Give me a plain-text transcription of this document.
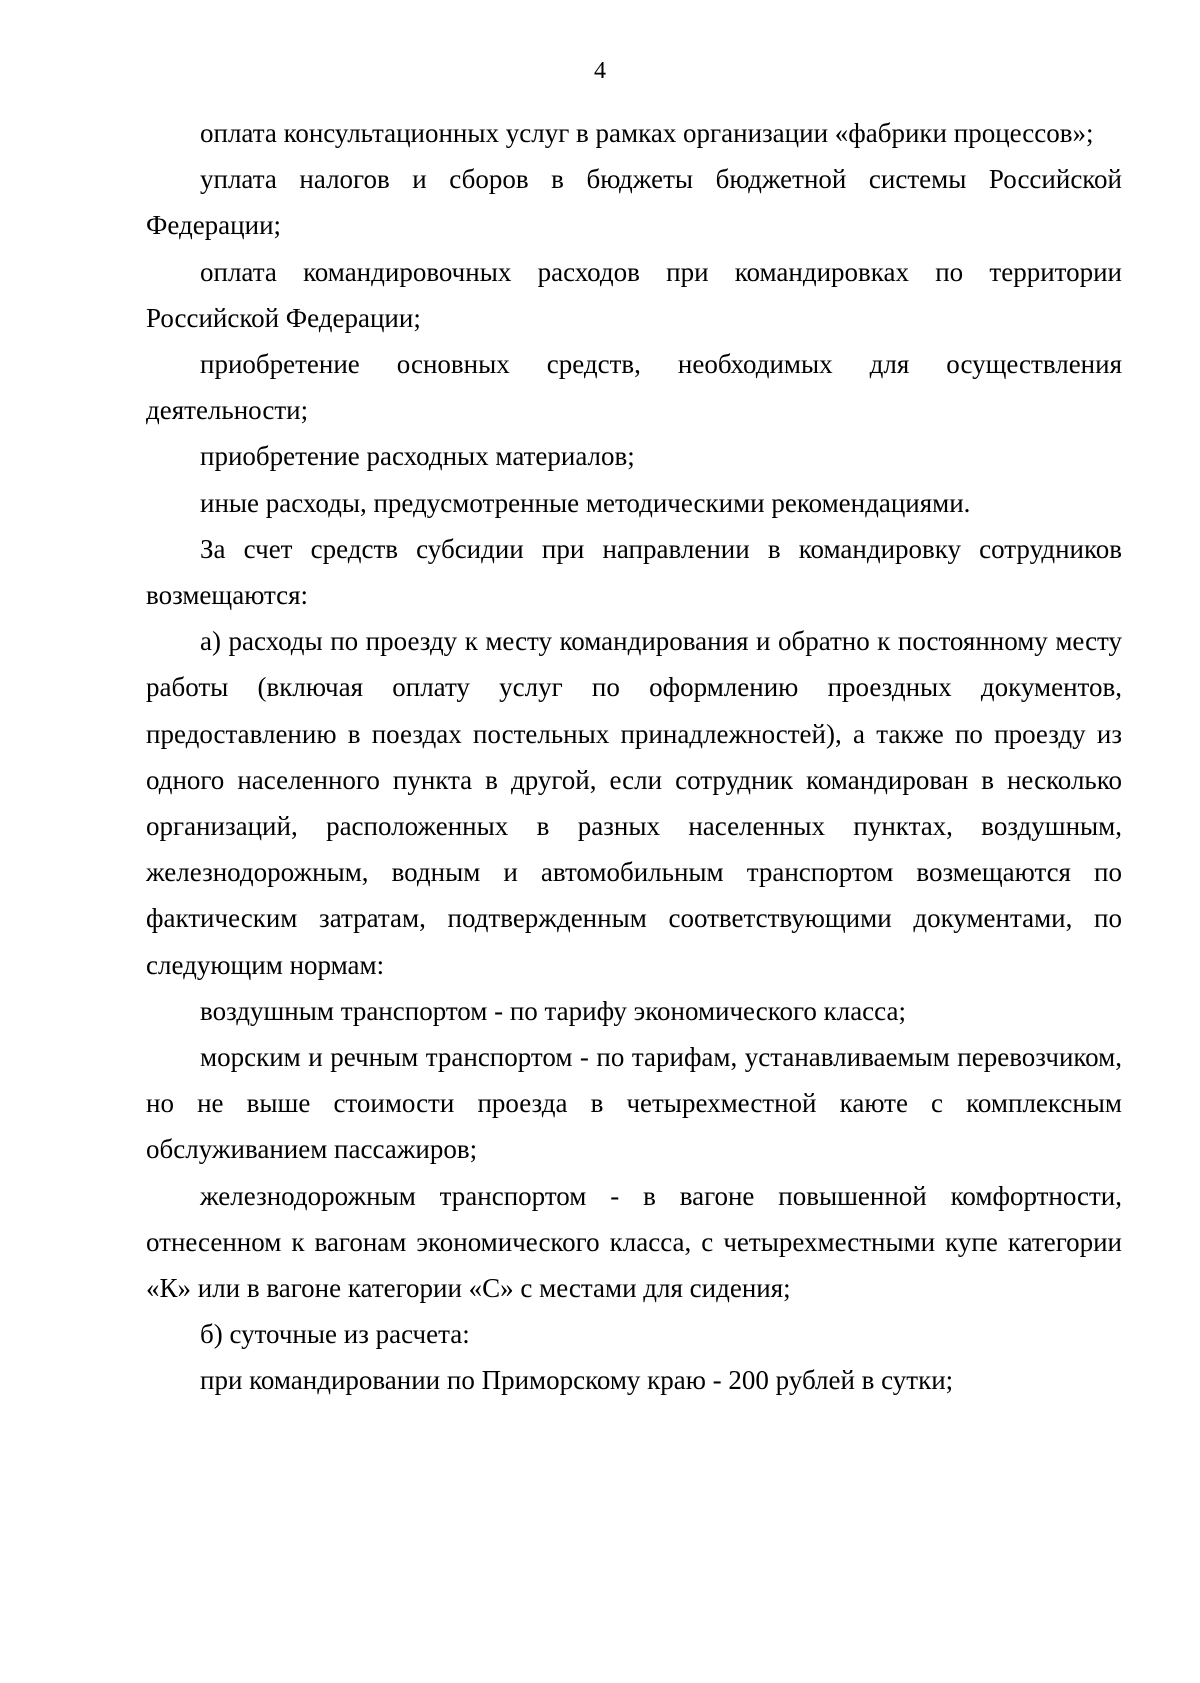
4

оплата консультационных услуг в рамках организации «фабрики процессов»;

уплата налогов и сборов в бюджеты бюджетной системы Российской Федерации;

оплата командировочных расходов при командировках по территории Российской Федерации;

приобретение основных средств, необходимых для осуществления деятельности;

приобретение расходных материалов;

иные расходы, предусмотренные методическими рекомендациями.

За счет средств субсидии при направлении в командировку сотрудников возмещаются:

а) расходы по проезду к месту командирования и обратно к постоянному месту работы (включая оплату услуг по оформлению проездных документов, предоставлению в поездах постельных принадлежностей), а также по проезду из одного населенного пункта в другой, если сотрудник командирован в несколько организаций, расположенных в разных населенных пунктах, воздушным, железнодорожным, водным и автомобильным транспортом возмещаются по фактическим затратам, подтвержденным соответствующими документами, по следующим нормам:

воздушным транспортом - по тарифу экономического класса;

морским и речным транспортом - по тарифам, устанавливаемым перевозчиком, но не выше стоимости проезда в четырехместной каюте с комплексным обслуживанием пассажиров;

железнодорожным транспортом - в вагоне повышенной комфортности, отнесенном к вагонам экономического класса, с четырехместными купе категории «К» или в вагоне категории «С» с местами для сидения;

б) суточные из расчета:

при командировании по Приморскому краю - 200 рублей в сутки;
